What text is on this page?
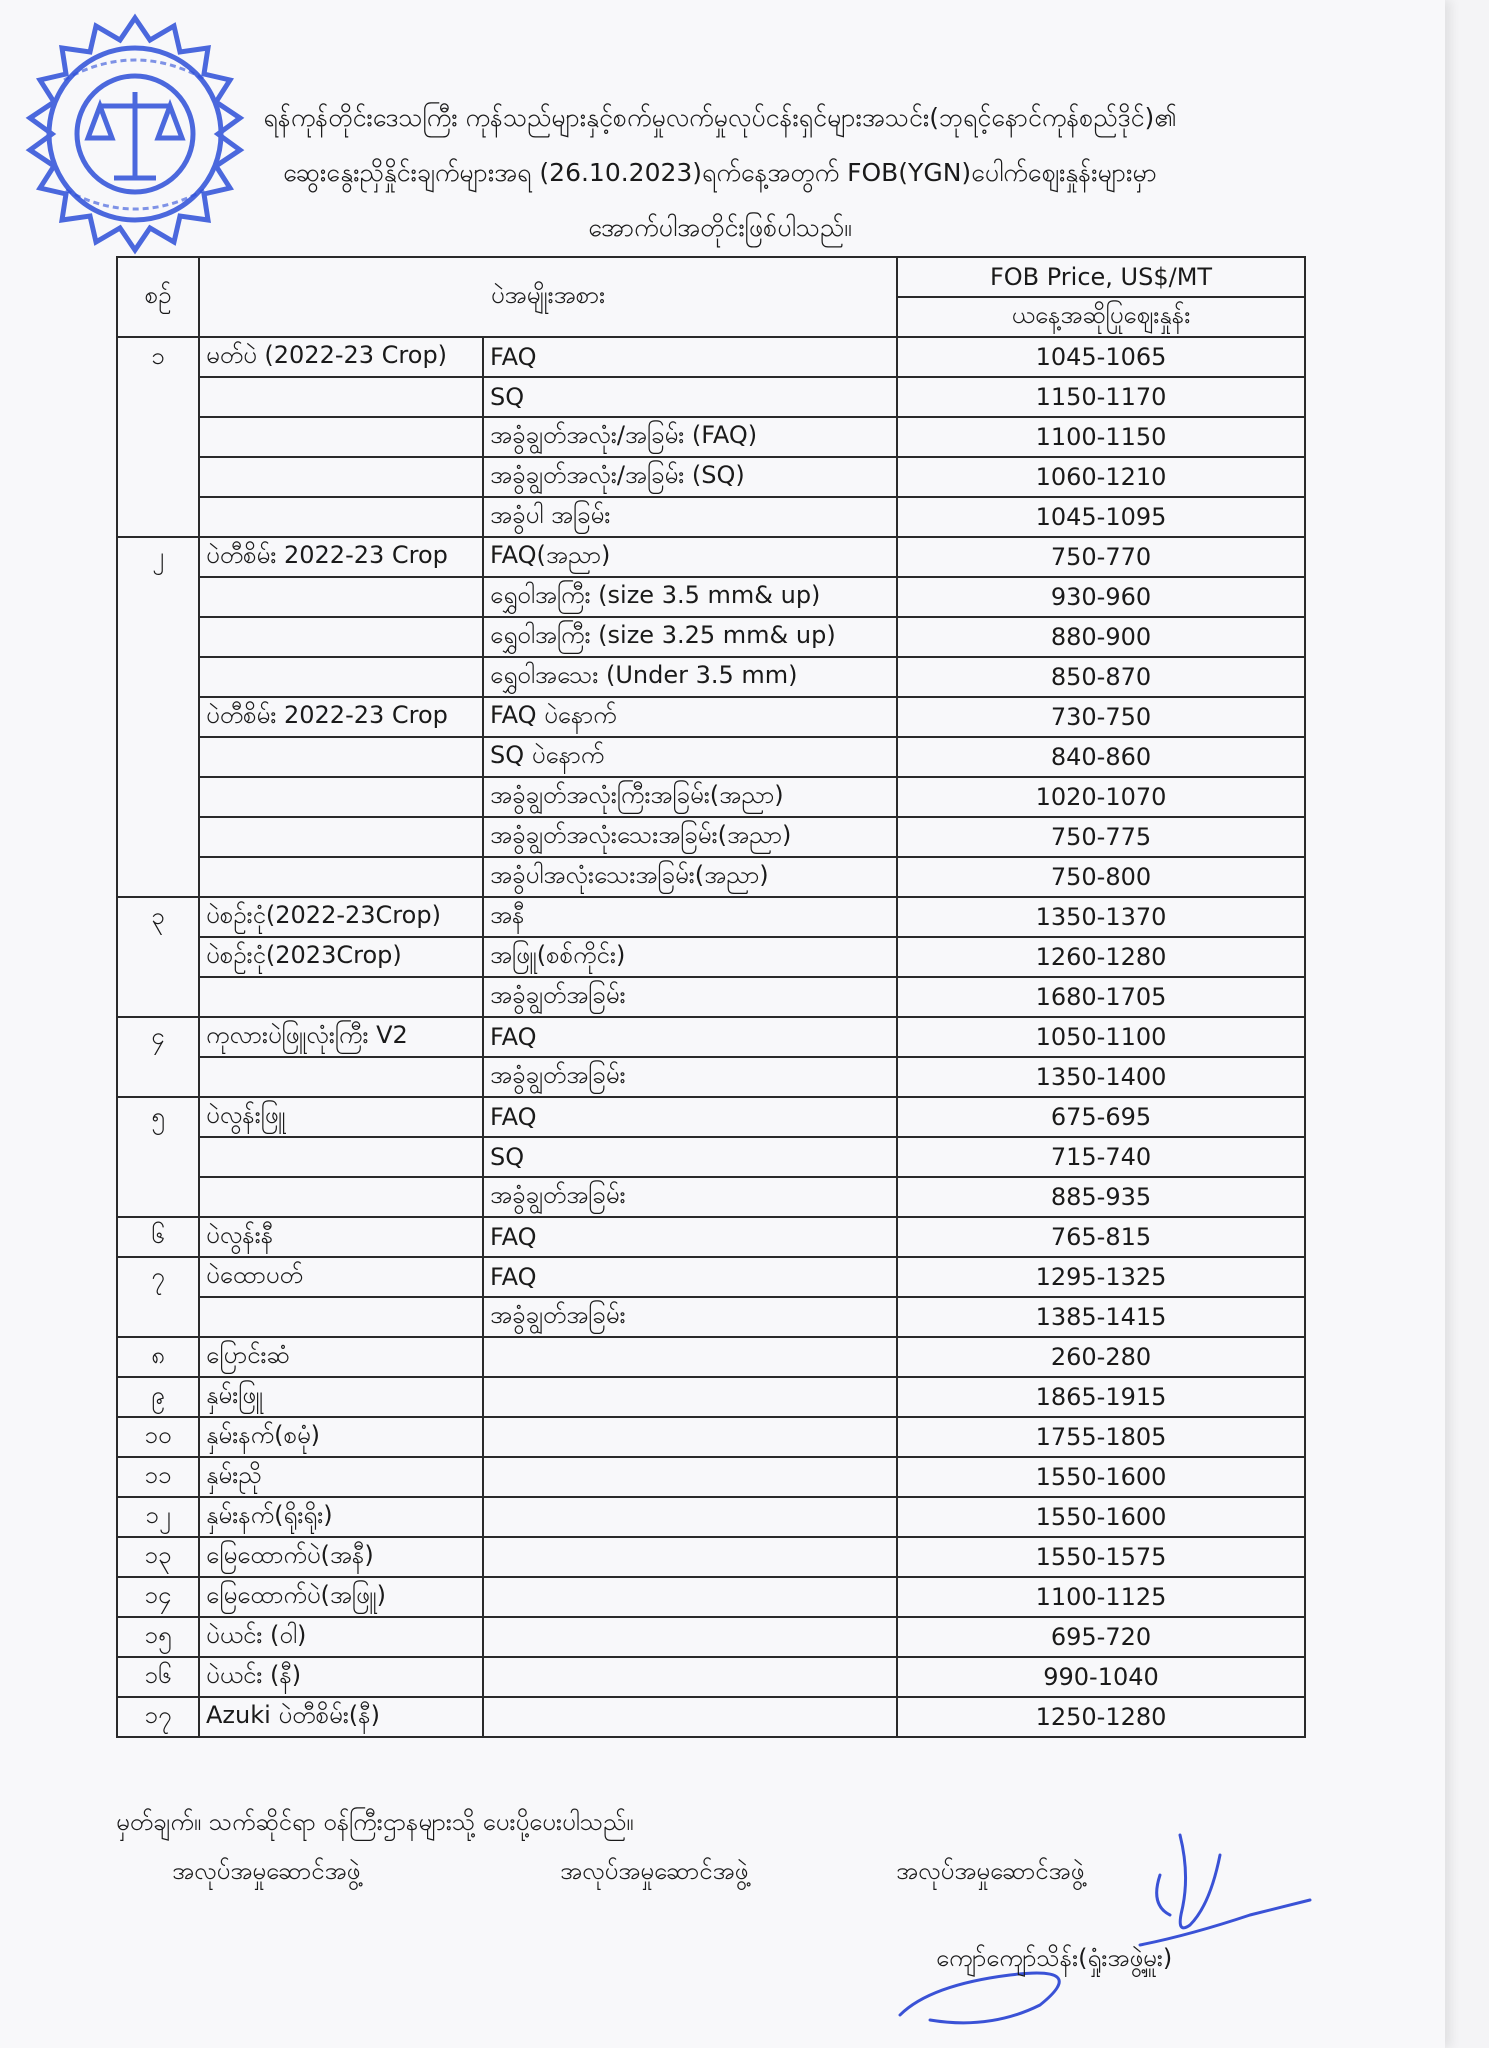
ရန်ကုန်တိုင်းဒေသကြီး ကုန်သည်များနှင့်စက်မှုလက်မှုလုပ်ငန်းရှင်များအသင်း(ဘုရင့်နောင်ကုန်စည်ဒိုင်)၏
ဆွေးနွေးညှိနှိုင်းချက်များအရ (26.10.2023)ရက်နေ့အတွက် FOB(YGN)ပေါက်ဈေးနှုန်းများမှာ
အောက်ပါအတိုင်းဖြစ်ပါသည်။
စဉ်	ပဲအမျိုးအစား		FOB Price, US$/MT
			ယနေ့အဆိုပြုဈေးနှုန်း
၁	မတ်ပဲ (2022-23 Crop)	FAQ	1045-1065
		SQ	1150-1170
		အခွံချွတ်အလုံး/အခြမ်း (FAQ)	1100-1150
		အခွံချွတ်အလုံး/အခြမ်း (SQ)	1060-1210
		အခွံပါ အခြမ်း	1045-1095
၂	ပဲတီစိမ်း 2022-23 Crop	FAQ(အညာ)	750-770
		ရွှေဝါအကြီး (size 3.5 mm& up)	930-960
		ရွှေဝါအကြီး (size 3.25 mm& up)	880-900
		ရွှေဝါအသေး (Under 3.5 mm)	850-870
	ပဲတီစိမ်း 2022-23 Crop	FAQ ပဲနောက်	730-750
		SQ ပဲနောက်	840-860
		အခွံချွတ်အလုံးကြီးအခြမ်း(အညာ)	1020-1070
		အခွံချွတ်အလုံးသေးအခြမ်း(အညာ)	750-775
		အခွံပါအလုံးသေးအခြမ်း(အညာ)	750-800
၃	ပဲစဉ်းငုံ(2022-23Crop)	အနီ	1350-1370
	ပဲစဉ်းငုံ(2023Crop)	အဖြူ(စစ်ကိုင်း)	1260-1280
		အခွံချွတ်အခြမ်း	1680-1705
၄	ကုလားပဲဖြူလုံးကြီး V2	FAQ	1050-1100
		အခွံချွတ်အခြမ်း	1350-1400
၅	ပဲလွန်းဖြူ	FAQ	675-695
		SQ	715-740
		အခွံချွတ်အခြမ်း	885-935
၆	ပဲလွန်းနီ	FAQ	765-815
၇	ပဲထောပတ်	FAQ	1295-1325
		အခွံချွတ်အခြမ်း	1385-1415
၈	ပြောင်းဆံ		260-280
၉	နှမ်းဖြူ		1865-1915
၁၀	နှမ်းနက်(စမုံ)		1755-1805
၁၁	နှမ်းညို		1550-1600
၁၂	နှမ်းနက်(ရိုးရိုး)		1550-1600
၁၃	မြေထောက်ပဲ(အနီ)		1550-1575
၁၄	မြေထောက်ပဲ(အဖြူ)		1100-1125
၁၅	ပဲယင်း (ဝါ)		695-720
၁၆	ပဲယင်း (နီ)		990-1040
၁၇	Azuki ပဲတီစိမ်း(နီ)		1250-1280
မှတ်ချက်။ သက်ဆိုင်ရာ ဝန်ကြီးဌာနများသို့ ပေးပို့ပေးပါသည်။
အလုပ်အမှုဆောင်အဖွဲ့	အလုပ်အမှုဆောင်အဖွဲ့	အလုပ်အမှုဆောင်အဖွဲ့
ကျော်ကျော်သိန်း(ရှုံးအဖွဲ့မှူး)
